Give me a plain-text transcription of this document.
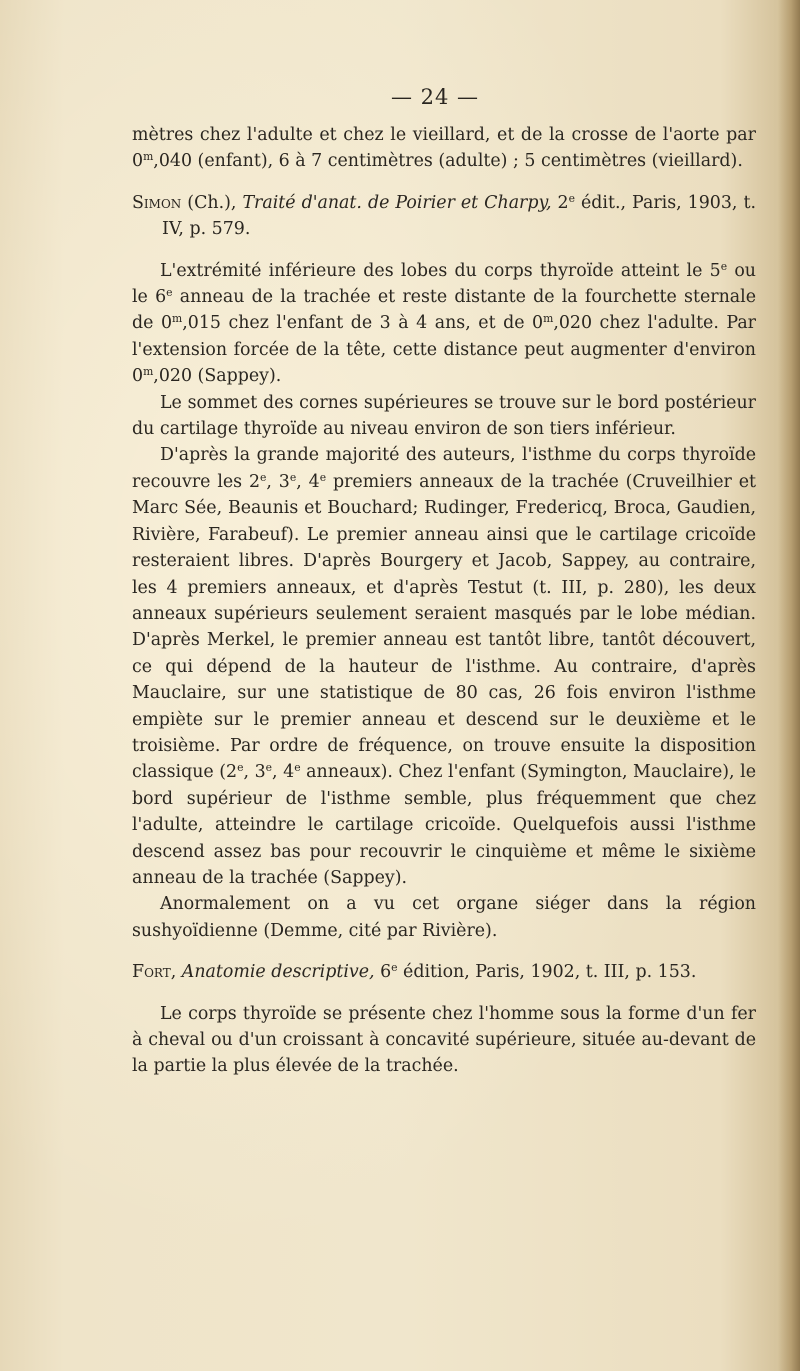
— 24 —

mètres chez l'adulte et chez le vieillard, et de la crosse de l'aorte par 0$^m$,040 (enfant), 6 à 7 centimètres (adulte) ; 5 centimètres (vieillard).

Simon (Ch.), Traité d'anat. de Poirier et Charpy, 2e édit., Paris, 1903, t. IV, p. 579.

L'extrémité inférieure des lobes du corps thyroïde atteint le 5e ou le 6e anneau de la trachée et reste distante de la fourchette sternale de 0$^m$,015 chez l'enfant de 3 à 4 ans, et de 0$^m$,020 chez l'adulte. Par l'extension forcée de la tête, cette distance peut augmenter d'environ 0$^m$,020 (Sappey).

Le sommet des cornes supérieures se trouve sur le bord postérieur du cartilage thyroïde au niveau environ de son tiers inférieur.

D'après la grande majorité des auteurs, l'isthme du corps thyroïde recouvre les 2e, 3e, 4e premiers anneaux de la trachée (Cruveilhier et Marc Sée, Beaunis et Bouchard; Rudinger, Fredericq, Broca, Gaudien, Rivière, Farabeuf). Le premier anneau ainsi que le cartilage cricoïde resteraient libres. D'après Bourgery et Jacob, Sappey, au contraire, les 4 premiers anneaux, et d'après Testut (t. III, p. 280), les deux anneaux supérieurs seulement seraient masqués par le lobe médian. D'après Merkel, le premier anneau est tantôt libre, tantôt découvert, ce qui dépend de la hauteur de l'isthme. Au contraire, d'après Mauclaire, sur une statistique de 80 cas, 26 fois environ l'isthme empiète sur le premier anneau et descend sur le deuxième et le troisième. Par ordre de fréquence, on trouve ensuite la disposition classique (2e, 3e, 4e anneaux). Chez l'enfant (Symington, Mauclaire), le bord supérieur de l'isthme semble, plus fréquemment que chez l'adulte, atteindre le cartilage cricoïde. Quelquefois aussi l'isthme descend assez bas pour recouvrir le cinquième et même le sixième anneau de la trachée (Sappey).

Anormalement on a vu cet organe siéger dans la région sushyoïdienne (Demme, cité par Rivière).

Fort, Anatomie descriptive, 6e édition, Paris, 1902, t. III, p. 153.

Le corps thyroïde se présente chez l'homme sous la forme d'un fer à cheval ou d'un croissant à concavité supérieure, située au-devant de la partie la plus élevée de la trachée.
